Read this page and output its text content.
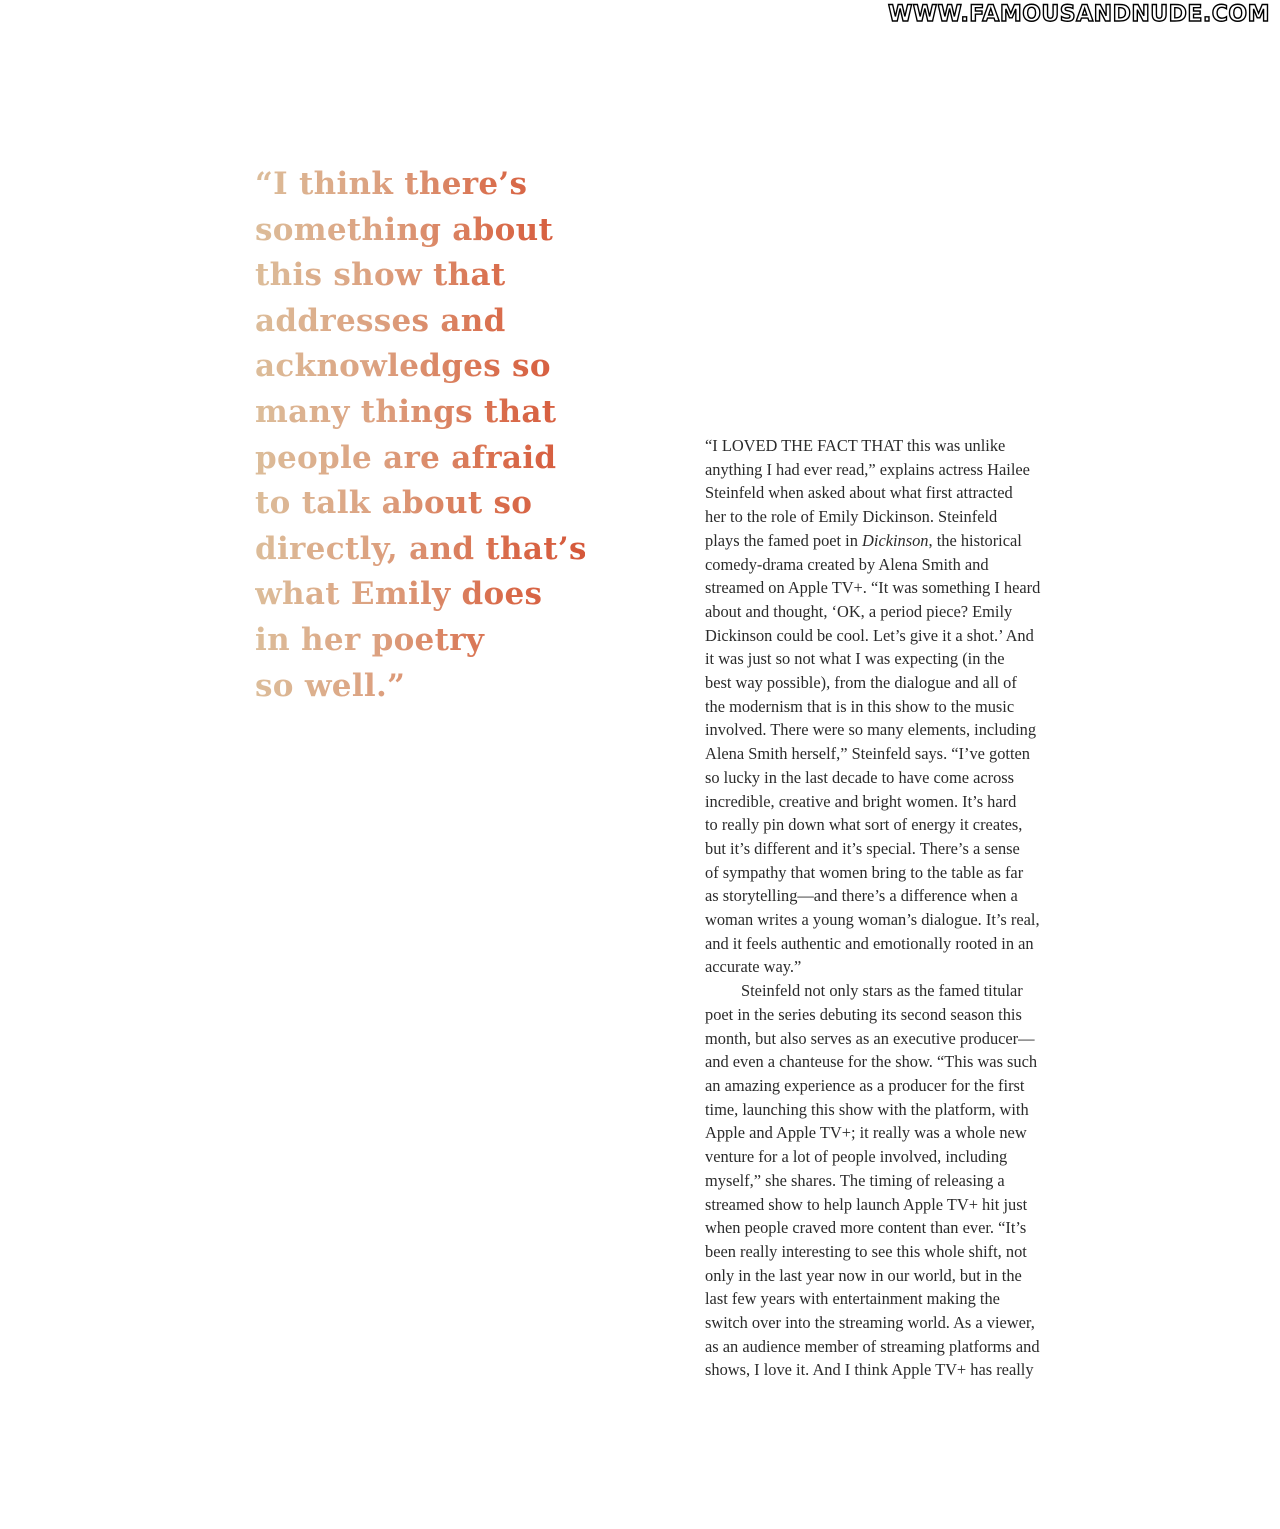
WWW.FAMOUSANDNUDE.COM
“I think there’s
something about
this show that
addresses and
acknowledges so
many things that
people are afraid
to talk about so
directly, and that’s
what Emily does
in her poetry
so well.”
“I LOVED THE FACT THAT this was unlike
anything I had ever read,” explains actress Hailee
Steinfeld when asked about what first attracted
her to the role of Emily Dickinson. Steinfeld
plays the famed poet in Dickinson, the historical
comedy-drama created by Alena Smith and
streamed on Apple TV+. “It was something I heard
about and thought, ‘OK, a period piece? Emily
Dickinson could be cool. Let’s give it a shot.’ And
it was just so not what I was expecting (in the
best way possible), from the dialogue and all of
the modernism that is in this show to the music
involved. There were so many elements, including
Alena Smith herself,” Steinfeld says. “I’ve gotten
so lucky in the last decade to have come across
incredible, creative and bright women. It’s hard
to really pin down what sort of energy it creates,
but it’s different and it’s special. There’s a sense
of sympathy that women bring to the table as far
as storytelling—and there’s a difference when a
woman writes a young woman’s dialogue. It’s real,
and it feels authentic and emotionally rooted in an
accurate way.”
Steinfeld not only stars as the famed titular
poet in the series debuting its second season this
month, but also serves as an executive producer—
and even a chanteuse for the show. “This was such
an amazing experience as a producer for the first
time, launching this show with the platform, with
Apple and Apple TV+; it really was a whole new
venture for a lot of people involved, including
myself,” she shares. The timing of releasing a
streamed show to help launch Apple TV+ hit just
when people craved more content than ever. “It’s
been really interesting to see this whole shift, not
only in the last year now in our world, but in the
last few years with entertainment making the
switch over into the streaming world. As a viewer,
as an audience member of streaming platforms and
shows, I love it. And I think Apple TV+ has really
